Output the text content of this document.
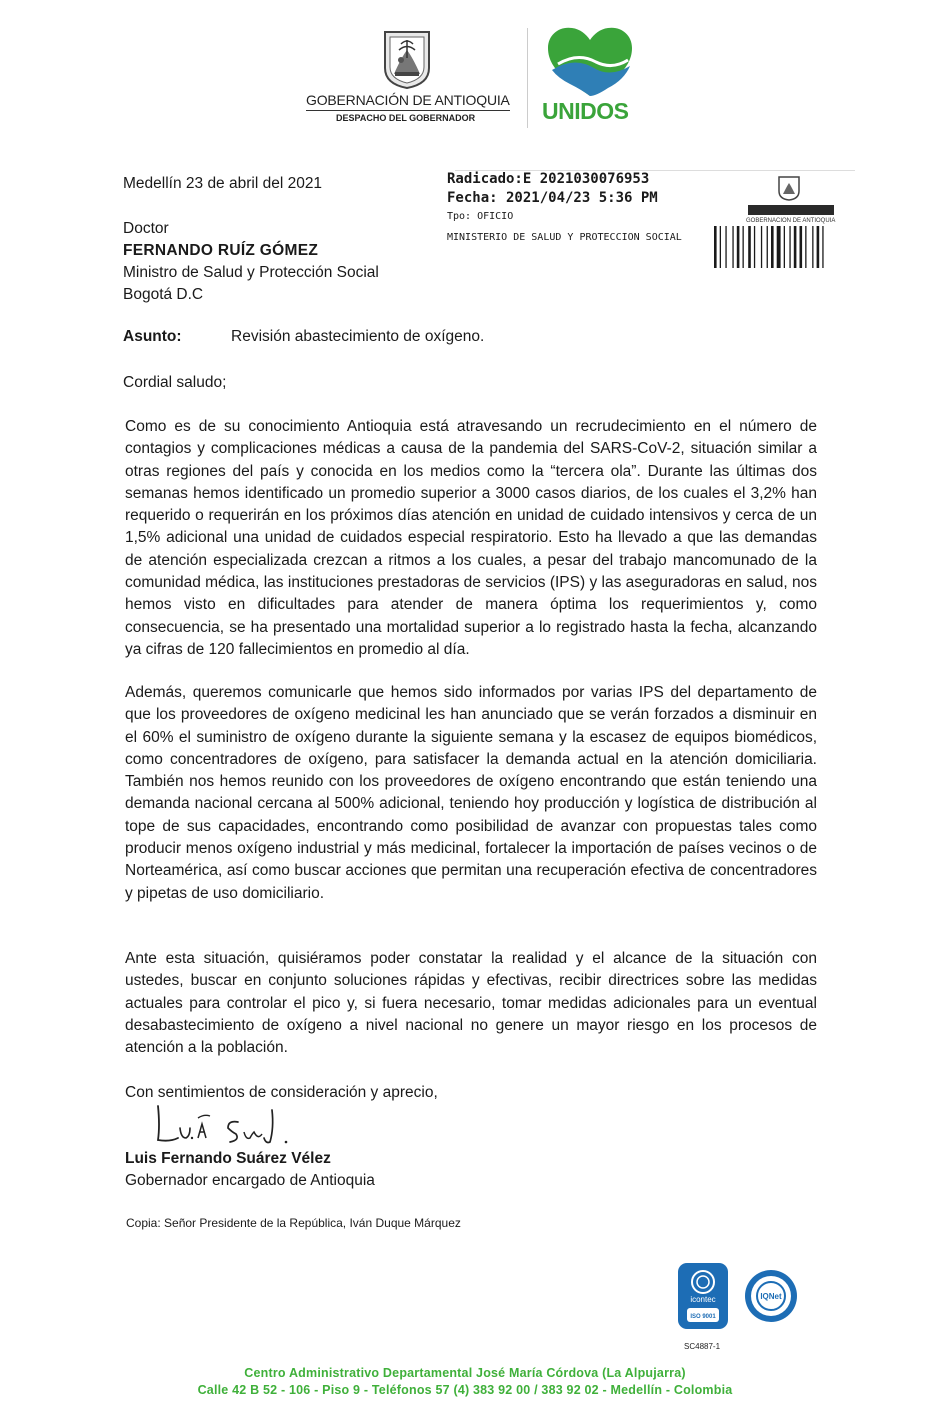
GOBERNACIÓN DE ANTIOQUIA
DESPACHO DEL GOBERNADOR	UNIDOS
Radicado:E 2021030076953
Fecha: 2021/04/23 5:36 PM
Tpo: OFICIO
MINISTERIO DE SALUD Y PROTECCION SOCIAL
GOBERNACION DE ANTIOQUIA
Medellín 23 de abril del 2021
Doctor
FERNANDO RUÍZ GÓMEZ
Ministro de Salud y Protección Social
Bogotá D.C
Asunto:	Revisión abastecimiento de oxígeno.
Cordial saludo;
Como es de su conocimiento Antioquia está atravesando un recrudecimiento en el número de contagios y complicaciones médicas a causa de la pandemia del SARS-CoV-2, situación similar a otras regiones del país y conocida en los medios como la “tercera ola”. Durante las últimas dos semanas hemos identificado un promedio superior a 3000 casos diarios, de los cuales el 3,2% han requerido o requerirán en los próximos días atención en unidad de cuidado intensivos y cerca de un 1,5% adicional una unidad de cuidados especial respiratorio. Esto ha llevado a que las demandas de atención especializada crezcan a ritmos a los cuales, a pesar del trabajo mancomunado de la comunidad médica, las instituciones prestadoras de servicios (IPS) y las aseguradoras en salud, nos hemos visto en dificultades para atender de manera óptima los requerimientos y, como consecuencia, se ha presentado una mortalidad superior a lo registrado hasta la fecha, alcanzando ya cifras de 120 fallecimientos en promedio al día.
Además, queremos comunicarle que hemos sido informados por varias IPS del departamento de que los proveedores de oxígeno medicinal les han anunciado que se verán forzados a disminuir en el 60% el suministro de oxígeno durante la siguiente semana y la escasez de equipos biomédicos, como concentradores de oxígeno, para satisfacer la demanda actual en la atención domiciliaria. También nos hemos reunido con los proveedores de oxígeno encontrando que están teniendo una demanda nacional cercana al 500% adicional, teniendo hoy producción y logística de distribución al tope de sus capacidades, encontrando como posibilidad de avanzar con propuestas tales como producir menos oxígeno industrial y más medicinal, fortalecer la importación de países vecinos o de Norteamérica, así como buscar acciones que permitan una recuperación efectiva de concentradores y pipetas de uso domiciliario.
Ante esta situación, quisiéramos poder constatar la realidad y el alcance de la situación con ustedes, buscar en conjunto soluciones rápidas y efectivas, recibir directrices sobre las medidas actuales para controlar el pico y, si fuera necesario, tomar medidas adicionales para un eventual desabastecimiento de oxígeno a nivel nacional no genere un mayor riesgo en los procesos de atención a la población.
Con sentimientos de consideración y aprecio,
Luis Fernando Suárez Vélez
Gobernador encargado de Antioquia
Copia: Señor Presidente de la República, Iván Duque Márquez
icontec
ISO 9001
IQNet
SC4887-1
Centro Administrativo Departamental José María Córdova (La Alpujarra)
Calle 42 B 52 - 106 - Piso 9 - Teléfonos 57 (4) 383 92 00 / 383 92 02 - Medellín - Colombia
